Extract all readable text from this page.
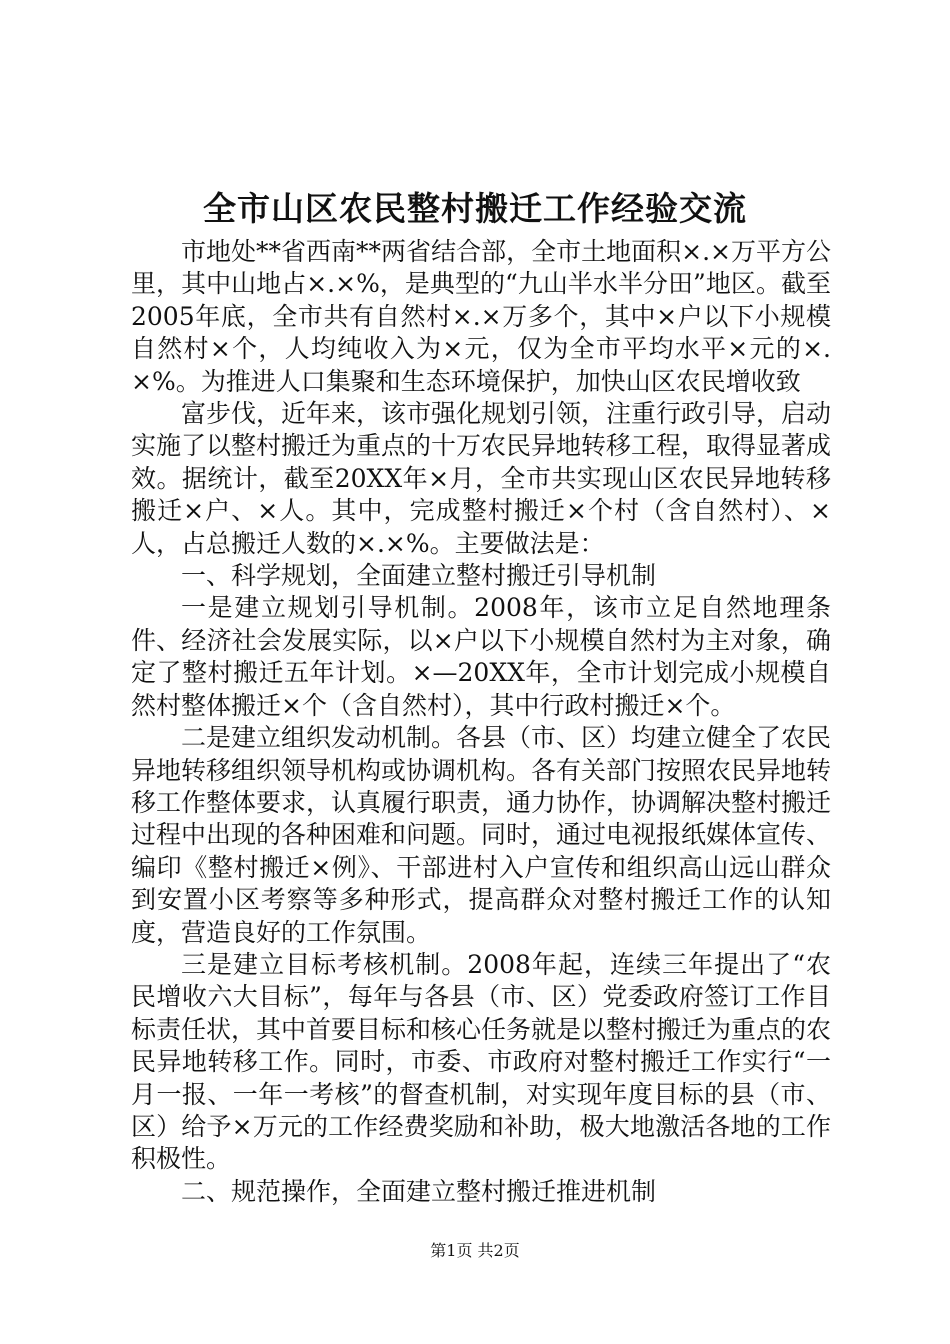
全市山区农民整村搬迁工作经验交流

市地处**省西南**两省结合部，全市土地面积×.×万平方公里，其中山地占×.×%，是典型的“九山半水半分田”地区。截至2005年底，全市共有自然村×.×万多个，其中×户以下小规模自然村×个，人均纯收入为×元，仅为全市平均水平×元的×.×%。为推进人口集聚和生态环境保护，加快山区农民增收致

富步伐，近年来，该市强化规划引领，注重行政引导，启动实施了以整村搬迁为重点的十万农民异地转移工程，取得显著成效。据统计，截至20XX年×月，全市共实现山区农民异地转移搬迁×户、×人。其中，完成整村搬迁×个村（含自然村）、×人，占总搬迁人数的×.×%。主要做法是：

一、科学规划，全面建立整村搬迁引导机制

一是建立规划引导机制。2008年，该市立足自然地理条件、经济社会发展实际，以×户以下小规模自然村为主对象，确定了整村搬迁五年计划。×—20XX年，全市计划完成小规模自然村整体搬迁×个（含自然村），其中行政村搬迁×个。

二是建立组织发动机制。各县（市、区）均建立健全了农民异地转移组织领导机构或协调机构。各有关部门按照农民异地转移工作整体要求，认真履行职责，通力协作，协调解决整村搬迁过程中出现的各种困难和问题。同时，通过电视报纸媒体宣传、编印《整村搬迁×例》、干部进村入户宣传和组织高山远山群众到安置小区考察等多种形式，提高群众对整村搬迁工作的认知度，营造良好的工作氛围。

三是建立目标考核机制。2008年起，连续三年提出了“农民增收六大目标”，每年与各县（市、区）党委政府签订工作目标责任状，其中首要目标和核心任务就是以整村搬迁为重点的农民异地转移工作。同时，市委、市政府对整村搬迁工作实行“一月一报、一年一考核”的督查机制，对实现年度目标的县（市、区）给予×万元的工作经费奖励和补助，极大地激活各地的工作积极性。

二、规范操作，全面建立整村搬迁推进机制

第1页 共2页
